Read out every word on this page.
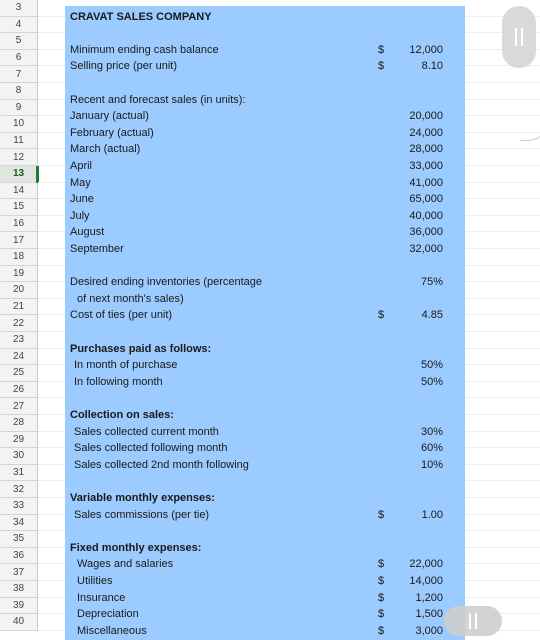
3
4
5
6
7
8
9
10
11
12
13
14
15
16
17
18
19
20
21
22
23
24
25
26
27
28
29
30
31
32
33
34
35
36
37
38
39
40
CRAVAT SALES COMPANY
Minimum ending cash balance	$ 12,000
Selling price (per unit)	$	8.10
Recent and forecast sales (in units):
January (actual)	20,000
February (actual)	24,000
March (actual)	28,000
April	33,000
May	41,000
June	65,000
July	40,000
August	36,000
September	32,000
Desired ending inventories (percentage	75%
of next month's sales)
Cost of ties (per unit)	$	4.85
Purchases paid as follows:
In month of purchase	50%
In following month	50%
Collection on sales:
Sales collected current month	30%
Sales collected following month	60%
Sales collected 2nd month following	10%
Variable monthly expenses:
Sales commissions (per tie)	$	1.00
Fixed monthly expenses:
Wages and salaries	$ 22,000
Utilities	$ 14,000
Insurance	$	1,200
Depreciation	$	1,500
Miscellaneous	$	3,000
